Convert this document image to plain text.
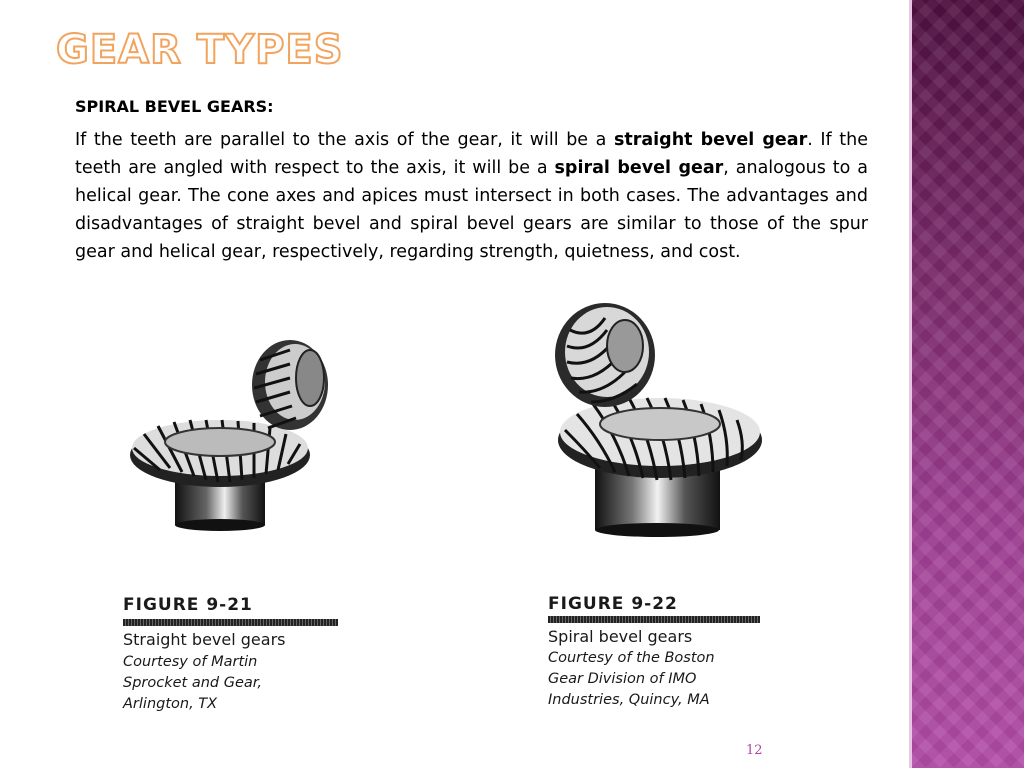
GEAR TYPES

SPIRAL BEVEL GEARS:

If the teeth are parallel to the axis of the gear, it will be a straight bevel gear. If the teeth are angled with respect to the axis, it will be a spiral bevel gear, analogous to a helical gear. The cone axes and apices must intersect in both cases. The advantages and disadvantages of straight bevel and spiral bevel gears are similar to those of the spur gear and helical gear, respectively, regarding strength, quietness, and cost.

FIGURE 9-21

Straight bevel gears

Courtesy of Martin
Sprocket and Gear,
Arlington, TX

FIGURE 9-22

Spiral bevel gears

Courtesy of the Boston
Gear Division of IMO
Industries, Quincy, MA

12
